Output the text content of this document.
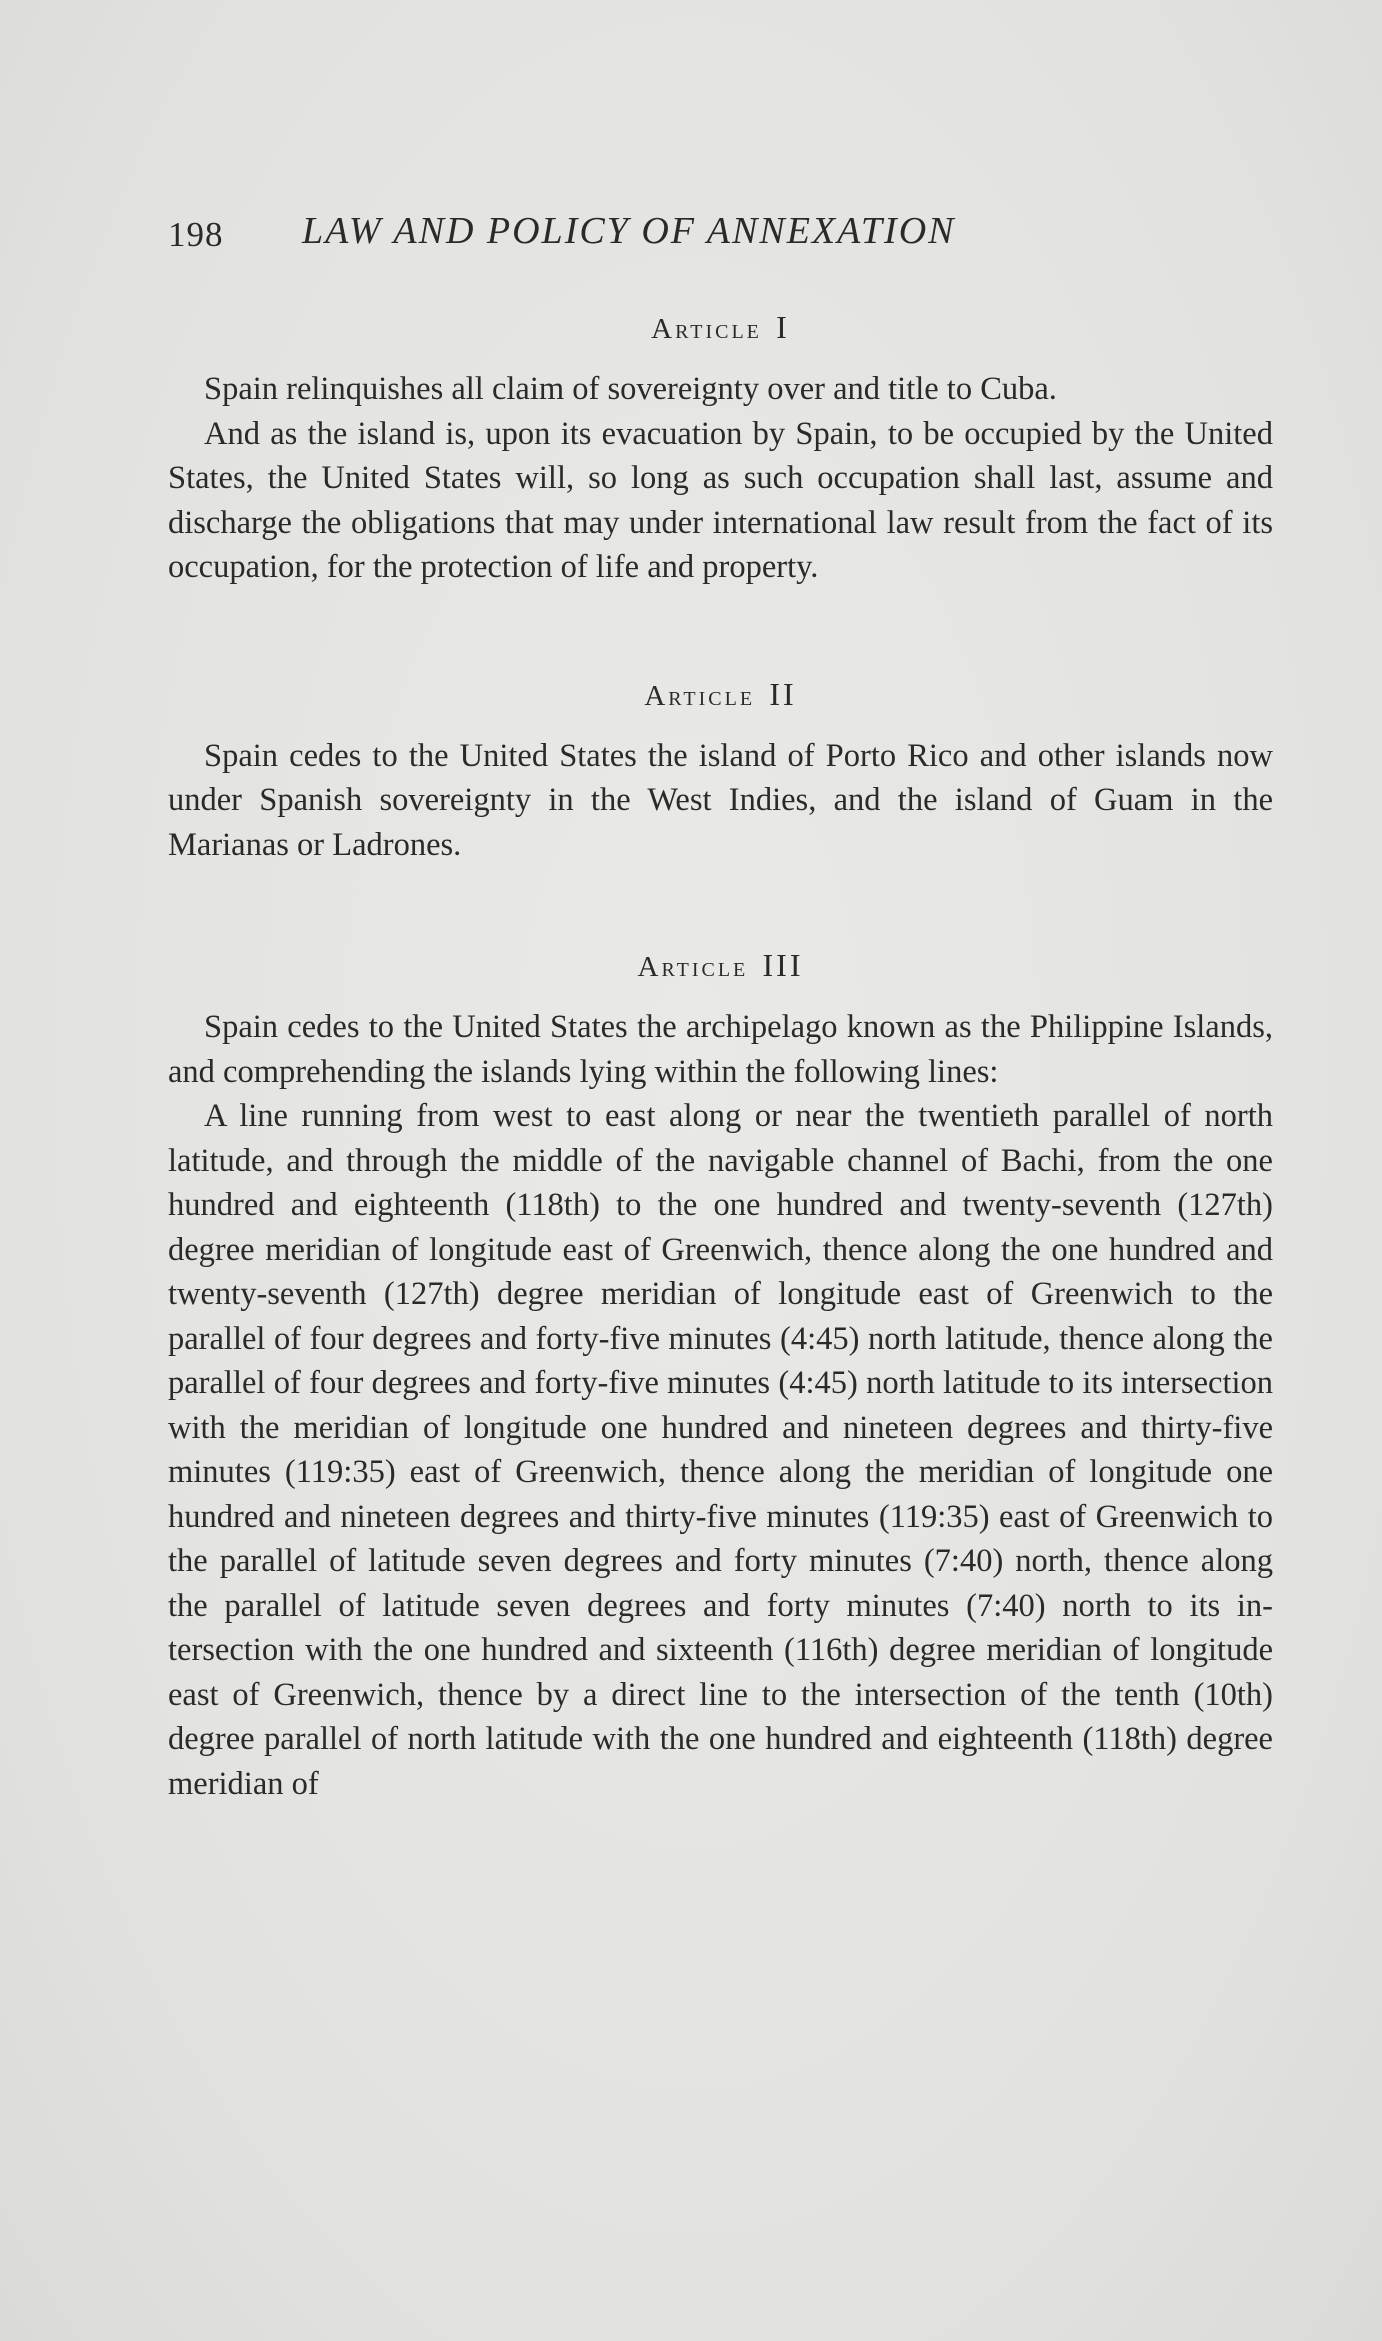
198 LAW AND POLICY OF ANNEXATION
Article I

Spain relinquishes all claim of sovereignty over and title to Cuba.

And as the island is, upon its evacuation by Spain, to be occupied by the United States, the United States will, so long as such occupation shall last, assume and discharge the obligations that may under international law result from the fact of its occupation, for the protection of life and property.

Article II

Spain cedes to the United States the island of Porto Rico and other islands now under Spanish sovereignty in the West Indies, and the island of Guam in the Marianas or Ladrones.

Article III

Spain cedes to the United States the archipelago known as the Philippine Islands, and comprehending the islands lying within the following lines:

A line running from west to east along or near the twentieth parallel of north latitude, and through the middle of the navigable channel of Bachi, from the one hundred and eighteenth (118th) to the one hundred and twenty-seventh (127th) degree meridian of longitude east of Greenwich, thence along the one hundred and twenty-seventh (127th) degree meridian of longitude east of Greenwich to the parallel of four degrees and forty-five minutes (4:45) north latitude, thence along the parallel of four degrees and forty-five minutes (4:45) north latitude to its intersection with the meridian of longitude one hundred and nineteen degrees and thirty-five minutes (119:35) east of Greenwich, thence along the meridian of longitude one hundred and nineteen degrees and thirty-five minutes (119:35) east of Greenwich to the parallel of latitude seven degrees and forty minutes (7:40) north, thence along the parallel of latitude seven degrees and forty minutes (7:40) north to its intersection with the one hundred and sixteenth (116th) degree meridian of longitude east of Greenwich, thence by a direct line to the intersection of the tenth (10th) degree parallel of north latitude with the one hundred and eighteenth (118th) degree meridian of
